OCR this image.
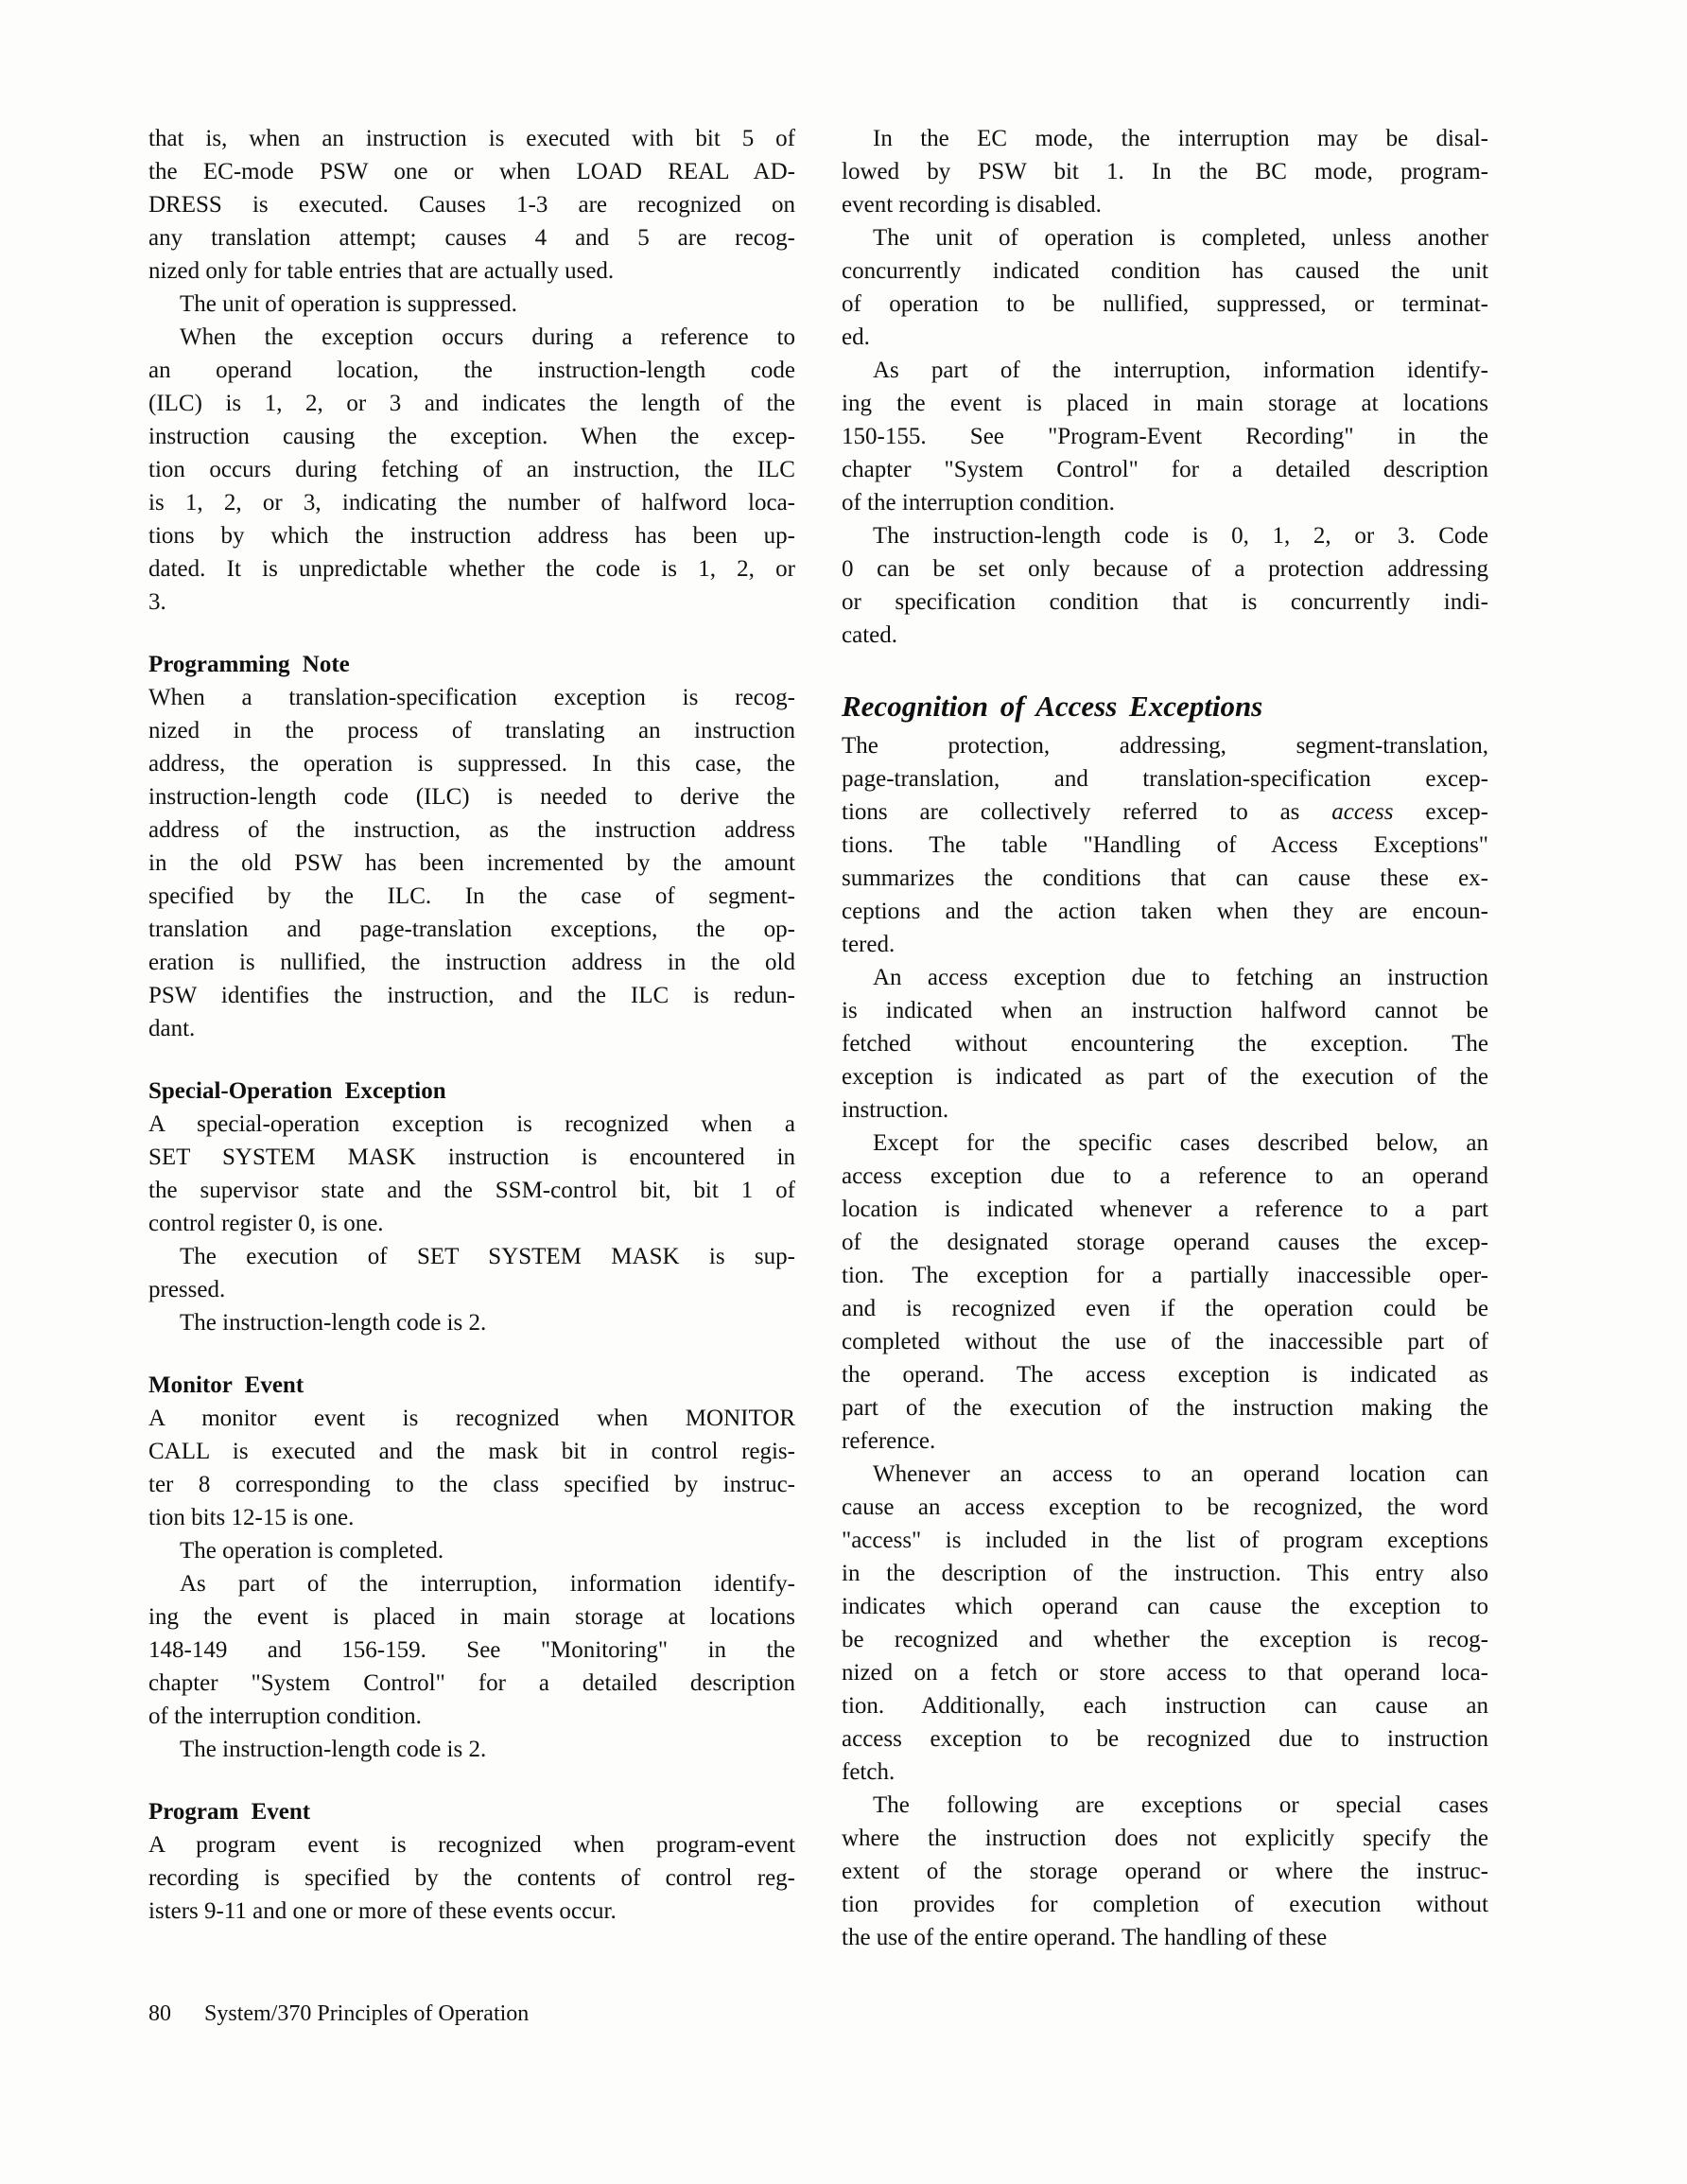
that is, when an instruction is executed with bit 5 of
the EC-mode PSW one or when LOAD REAL AD-
DRESS is executed. Causes 1-3 are recognized on
any translation attempt; causes 4 and 5 are recog-
nized only for table entries that are actually used.
The unit of operation is suppressed.
When the exception occurs during a reference to
an operand location, the instruction-length code
(ILC) is 1, 2, or 3 and indicates the length of the
instruction causing the exception. When the excep-
tion occurs during fetching of an instruction, the ILC
is 1, 2, or 3, indicating the number of halfword loca-
tions by which the instruction address has been up-
dated. It is unpredictable whether the code is 1, 2, or
3.
Programming Note
When a translation-specification exception is recog-
nized in the process of translating an instruction
address, the operation is suppressed. In this case, the
instruction-length code (ILC) is needed to derive the
address of the instruction, as the instruction address
in the old PSW has been incremented by the amount
specified by the ILC. In the case of segment-
translation and page-translation exceptions, the op-
eration is nullified, the instruction address in the old
PSW identifies the instruction, and the ILC is redun-
dant.
Special-Operation Exception
A special-operation exception is recognized when a
SET SYSTEM MASK instruction is encountered in
the supervisor state and the SSM-control bit, bit 1 of
control register 0, is one.
The execution of SET SYSTEM MASK is sup-
pressed.
The instruction-length code is 2.
Monitor Event
A monitor event is recognized when MONITOR
CALL is executed and the mask bit in control regis-
ter 8 corresponding to the class specified by instruc-
tion bits 12-15 is one.
The operation is completed.
As part of the interruption, information identify-
ing the event is placed in main storage at locations
148-149 and 156-159. See "Monitoring" in the
chapter "System Control" for a detailed description
of the interruption condition.
The instruction-length code is 2.
Program Event
A program event is recognized when program-event
recording is specified by the contents of control reg-
isters 9-11 and one or more of these events occur.
In the EC mode, the interruption may be disal-
lowed by PSW bit 1. In the BC mode, program-
event recording is disabled.
The unit of operation is completed, unless another
concurrently indicated condition has caused the unit
of operation to be nullified, suppressed, or terminat-
ed.
As part of the interruption, information identify-
ing the event is placed in main storage at locations
150-155. See "Program-Event Recording" in the
chapter "System Control" for a detailed description
of the interruption condition.
The instruction-length code is 0, 1, 2, or 3. Code
0 can be set only because of a protection addressing
or specification condition that is concurrently indi-
cated.
Recognition of Access Exceptions
The protection, addressing, segment-translation,
page-translation, and translation-specification excep-
tions are collectively referred to as access excep-
tions. The table "Handling of Access Exceptions"
summarizes the conditions that can cause these ex-
ceptions and the action taken when they are encoun-
tered.
An access exception due to fetching an instruction
is indicated when an instruction halfword cannot be
fetched without encountering the exception. The
exception is indicated as part of the execution of the
instruction.
Except for the specific cases described below, an
access exception due to a reference to an operand
location is indicated whenever a reference to a part
of the designated storage operand causes the excep-
tion. The exception for a partially inaccessible oper-
and is recognized even if the operation could be
completed without the use of the inaccessible part of
the operand. The access exception is indicated as
part of the execution of the instruction making the
reference.
Whenever an access to an operand location can
cause an access exception to be recognized, the word
"access" is included in the list of program exceptions
in the description of the instruction. This entry also
indicates which operand can cause the exception to
be recognized and whether the exception is recog-
nized on a fetch or store access to that operand loca-
tion. Additionally, each instruction can cause an
access exception to be recognized due to instruction
fetch.
The following are exceptions or special cases
where the instruction does not explicitly specify the
extent of the storage operand or where the instruc-
tion provides for completion of execution without
the use of the entire operand. The handling of these
80 System/370 Principles of Operation
